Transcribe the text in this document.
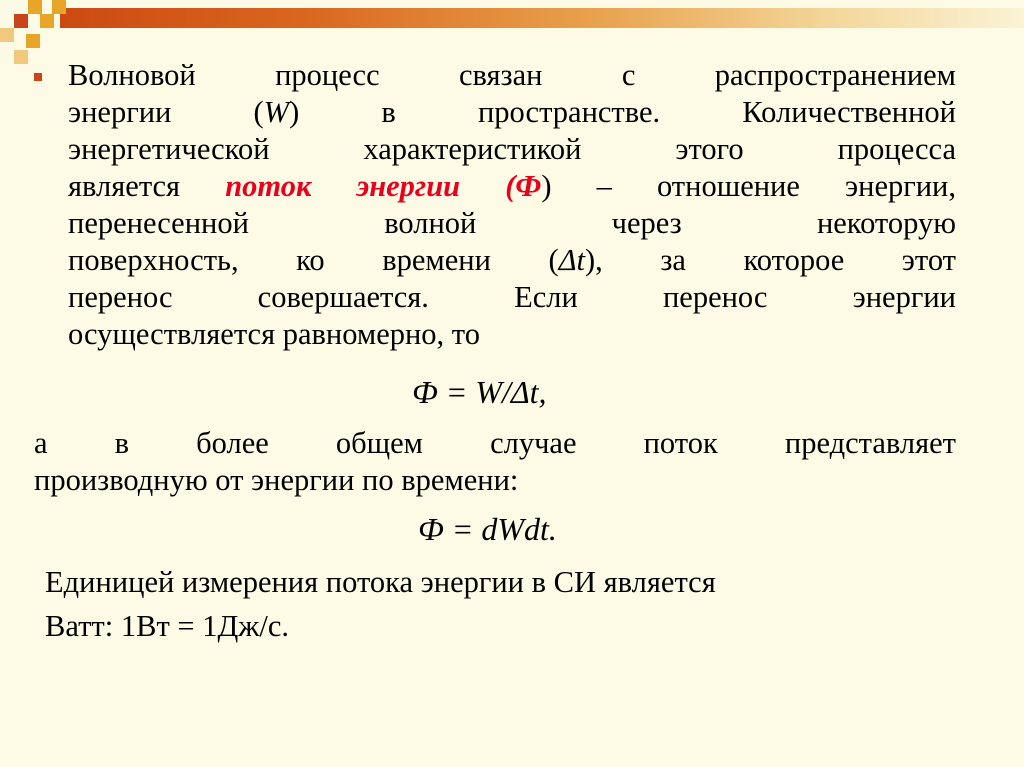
Волновой процесс связан с распространением
энергии (W) в пространстве. Количественной
энергетической характеристикой этого процесса
является поток энергии (Ф) – отношение энергии,
перенесенной волной через некоторую
поверхность, ко времени (Δt), за которое этот
перенос совершается. Если перенос энергии
осуществляется равномерно, то
Ф = W/Δt,
а в более общем случае поток представляет
производную от энергии по времени:
Ф = dWdt.
Единицей измерения потока энергии в СИ является
Ватт: 1Вт = 1Дж/с.
